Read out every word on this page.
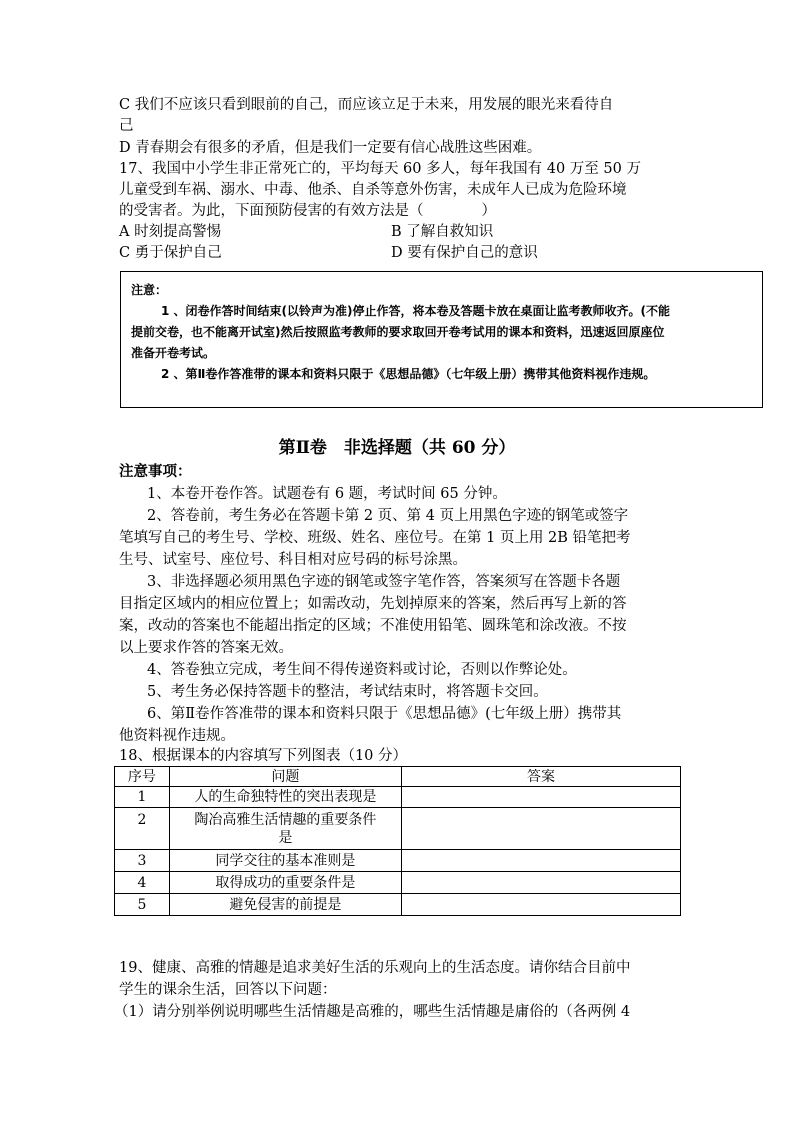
C 我们不应该只看到眼前的自己，而应该立足于未来，用发展的眼光来看待自
己
D 青春期会有很多的矛盾，但是我们一定要有信心战胜这些困难。
17、我国中小学生非正常死亡的，平均每天 60 多人，每年我国有 40 万至 50 万
儿童受到车祸、溺水、中毒、他杀、自杀等意外伤害，未成年人已成为危险环境
的受害者。为此，下面预防侵害的有效方法是（　　　　）
A 时刻提高警惕	B 了解自救知识
C 勇于保护自己	D 要有保护自己的意识
注意：
1 、闭卷作答时间结束(以铃声为准)停止作答，将本卷及答题卡放在桌面让监考教师收齐。(不能
提前交卷，也不能离开试室)然后按照监考教师的要求取回开卷考试用的课本和资料，迅速返回原座位
准备开卷考试。
2 、第Ⅱ卷作答准带的课本和资料只限于《思想品德》（七年级上册）携带其他资料视作违规。
第Ⅱ卷　非选择题（共 60 分）
注意事项：
1、本卷开卷作答。试题卷有 6 题，考试时间 65 分钟。
2、答卷前，考生务必在答题卡第 2 页、第 4 页上用黑色字迹的钢笔或签字
笔填写自己的考生号、学校、班级、姓名、座位号。在第 1 页上用 2B 铅笔把考
生号、试室号、座位号、科目相对应号码的标号涂黑。
3、非选择题必须用黑色字迹的钢笔或签字笔作答，答案须写在答题卡各题
目指定区域内的相应位置上；如需改动，先划掉原来的答案，然后再写上新的答
案，改动的答案也不能超出指定的区域；不准使用铅笔、圆珠笔和涂改液。不按
以上要求作答的答案无效。
4、答卷独立完成，考生间不得传递资料或讨论，否则以作弊论处。
5、考生务必保持答题卡的整洁，考试结束时，将答题卡交回。
6、第Ⅱ卷作答准带的课本和资料只限于《思想品德》(七年级上册）携带其
他资料视作违规。
18、根据课本的内容填写下列图表（10 分）
序号	问题	答案
1	人的生命独特性的突出表现是	
2	陶冶高雅生活情趣的重要条件
是	

3	同学交往的基本准则是	
4	取得成功的重要条件是	
5	避免侵害的前提是	
19、健康、高雅的情趣是追求美好生活的乐观向上的生活态度。请你结合目前中
学生的课余生活，回答以下问题：
（1）请分别举例说明哪些生活情趣是高雅的，哪些生活情趣是庸俗的（各两例 4
